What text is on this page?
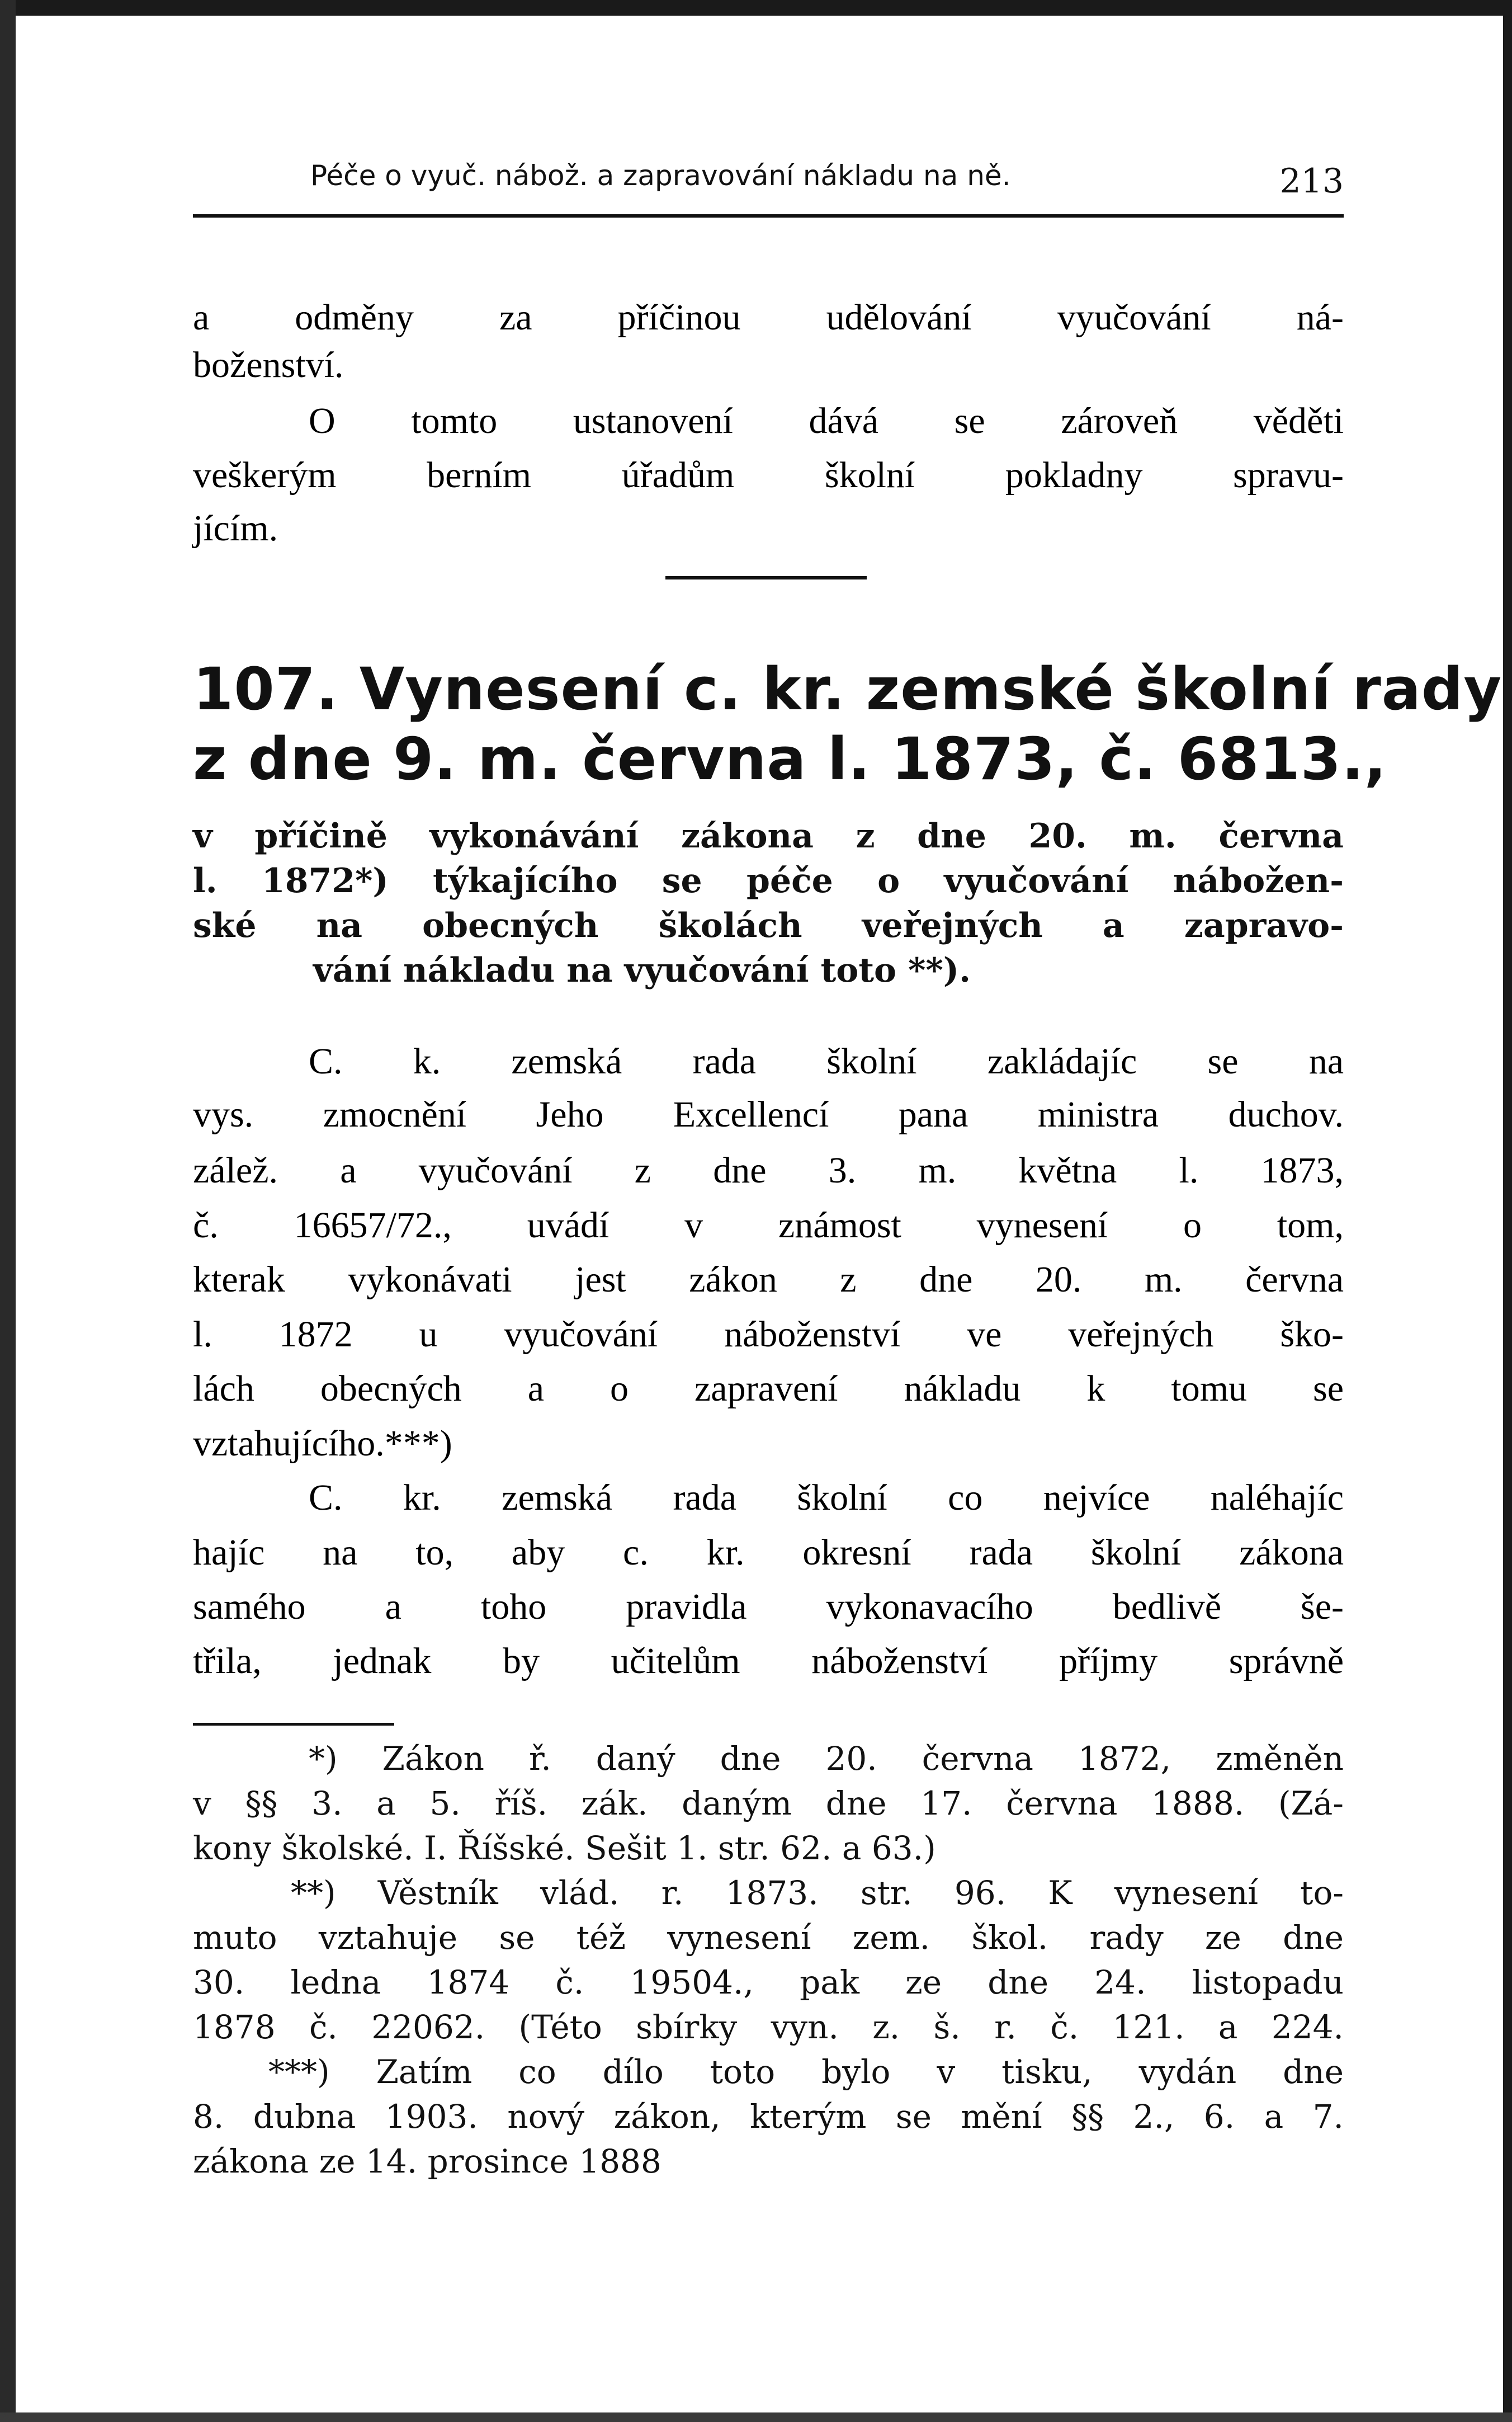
Péče o vyuč. nábož. a zapravování nákladu na ně.	213
a odměny za příčinou udělování vyučování ná-
boženství.
O tomto ustanovení dává se zároveň věděti
veškerým berním úřadům školní pokladny spravu-
jícím.
107. Vynesení c. kr. zemské školní rady
z dne 9. m. června l. 1873, č. 6813.,
v příčině vykonávání zákona z dne 20. m. června
l. 1872*) týkajícího se péče o vyučování nábožen-
ské na obecných školách veřejných a zapravo-
vání nákladu na vyučování toto **).
C. k. zemská rada školní zakládajíc se na
vys. zmocnění Jeho Excellencí pana ministra duchov.
zálež. a vyučování z dne 3. m. května l. 1873,
č. 16657/72., uvádí v známost vynesení o tom,
kterak vykonávati jest zákon z dne 20. m. června
l. 1872 u vyučování náboženství ve veřejných ško-
lách obecných a o zapravení nákladu k tomu se
vztahujícího.***)
C. kr. zemská rada školní co nejvíce naléhajíc
hajíc na to, aby c. kr. okresní rada školní zákona
samého a toho pravidla vykonavacího bedlivě še-
třila, jednak by učitelům náboženství příjmy správně
*) Zákon ř. daný dne 20. června 1872, změněn
v §§ 3. a 5. říš. zák. daným dne 17. června 1888. (Zá-
kony školské. I. Říšské. Sešit 1. str. 62. a 63.)
**) Věstník vlád. r. 1873. str. 96. K vynesení to-
muto vztahuje se též vynesení zem. škol. rady ze dne
30. ledna 1874 č. 19504., pak ze dne 24. listopadu
1878 č. 22062. (Této sbírky vyn. z. š. r. č. 121. a 224.
***) Zatím co dílo toto bylo v tisku, vydán dne
8. dubna 1903. nový zákon, kterým se mění §§ 2., 6. a 7.
zákona ze 14. prosince 1888
